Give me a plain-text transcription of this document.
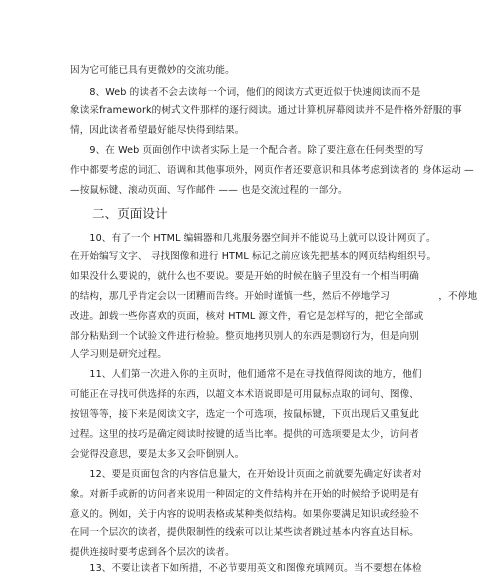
因为它可能已具有更微妙的交流功能。
　　8、Web 的读者不会去读每一个词，他们的阅读方式更近似于快速阅读而不是
象读采framework的树式文件那样的逐行阅读。通过计算机屏幕阅读并不是件格外舒服的事
情，因此读者希望最好能尽快得到结果。
　　9、在 Web 页面创作中读者实际上是一个配合者。除了要注意在任何类型的写
作中都要考虑的词汇、语调和其他事项外，网页作者还要意识和具体考虑到读者的 身体运动 —
—按鼠标键、滚动页面、写作邮件 —— 也是交流过程的一部分。
二、页面设计
　　10、有了一个 HTML 编辑器和几兆服务器空间并不能说马上就可以设计网页了。
在开始编写文字、 寻找图像和进行 HTML 标记之前应该先把基本的网页结构组织号。
如果没什么要说的，就什么也不要说。要是开始的时候在脑子里没有一个相当明确
的结构，那几乎肯定会以一团糟而告终。开始时谨慎一些，然后不停地学习　　　　　，不停地
改进。卸载一些你喜欢的页面，核对 HTML 源文件，看它是怎样写的，把它全部或
部分粘贴到一个试验文件进行检验。整页地拷贝别人的东西是剽窃行为，但是向别
人学习则是研究过程。
　　11、人们第一次进入你的主页时，他们通常不是在寻找值得阅读的地方，他们
可能正在寻找可供选择的东西，以超文本术语说即是可用鼠标点取的词句、图像、
按钮等等，接下来是阅读文字，选定一个可选项，按鼠标键，下页出现后又重复此
过程。这里的技巧是确定阅读时按键的适当比率。提供的可选项要是太少，访问者
会觉得没意思，要是太多又会吓倒别人。
　　12、要是页面包含的内容信息量大，在开始设计页面之前就要先确定好读者对
象。对新手或新的访问者来说用一种固定的文件结构并在开始的时候给予说明是有
意义的。例如，关于内容的说明表格或某种类似结构。如果你要满足知识或经验不
在同一个层次的读者，提供限制性的线索可以让某些读者跳过基本内容直达目标。
提供连接时要考虑到各个层次的读者。
　　13、不要让读者下如所措，不必节要用英文和图像充填网页。当不要想在体检
